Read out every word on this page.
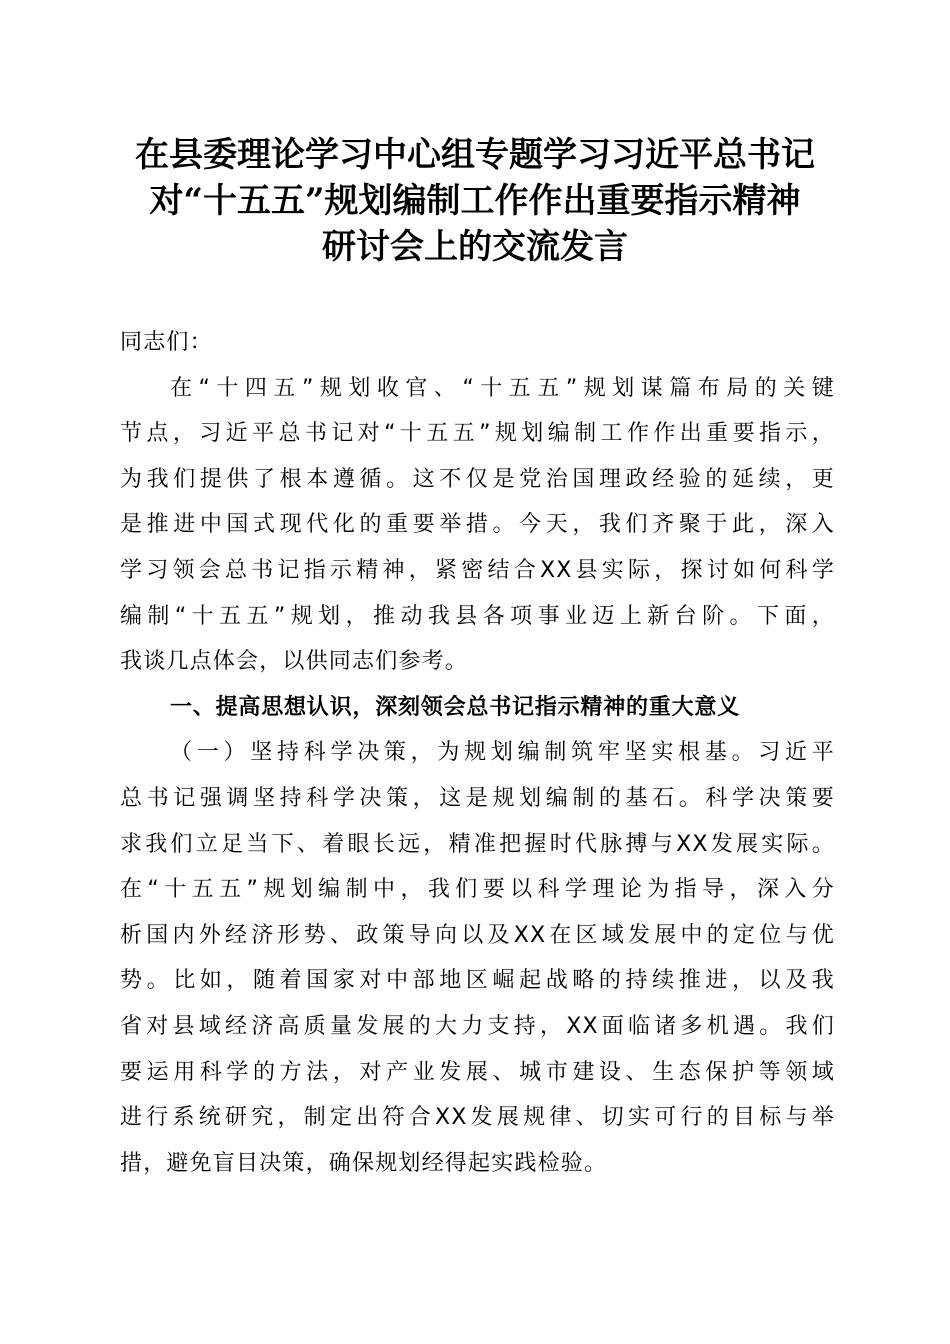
在县委理论学习中心组专题学习习近平总书记
对“十五五”规划编制工作作出重要指示精神
研讨会上的交流发言
同志们：
在“十四五”规划收官、“十五五”规划谋篇布局的关键
节点，习近平总书记对“十五五”规划编制工作作出重要指示，
为我们提供了根本遵循。这不仅是党治国理政经验的延续，更
是推进中国式现代化的重要举措。今天，我们齐聚于此，深入
学习领会总书记指示精神，紧密结合XX县实际，探讨如何科学
编制“十五五”规划，推动我县各项事业迈上新台阶。下面，
我谈几点体会，以供同志们参考。
一、提高思想认识，深刻领会总书记指示精神的重大意义
（一）坚持科学决策，为规划编制筑牢坚实根基。习近平
总书记强调坚持科学决策，这是规划编制的基石。科学决策要
求我们立足当下、着眼长远，精准把握时代脉搏与XX发展实际。
在“十五五”规划编制中，我们要以科学理论为指导，深入分
析国内外经济形势、政策导向以及XX在区域发展中的定位与优
势。比如，随着国家对中部地区崛起战略的持续推进，以及我
省对县域经济高质量发展的大力支持，XX面临诸多机遇。我们
要运用科学的方法，对产业发展、城市建设、生态保护等领域
进行系统研究，制定出符合XX发展规律、切实可行的目标与举
措，避免盲目决策，确保规划经得起实践检验。
